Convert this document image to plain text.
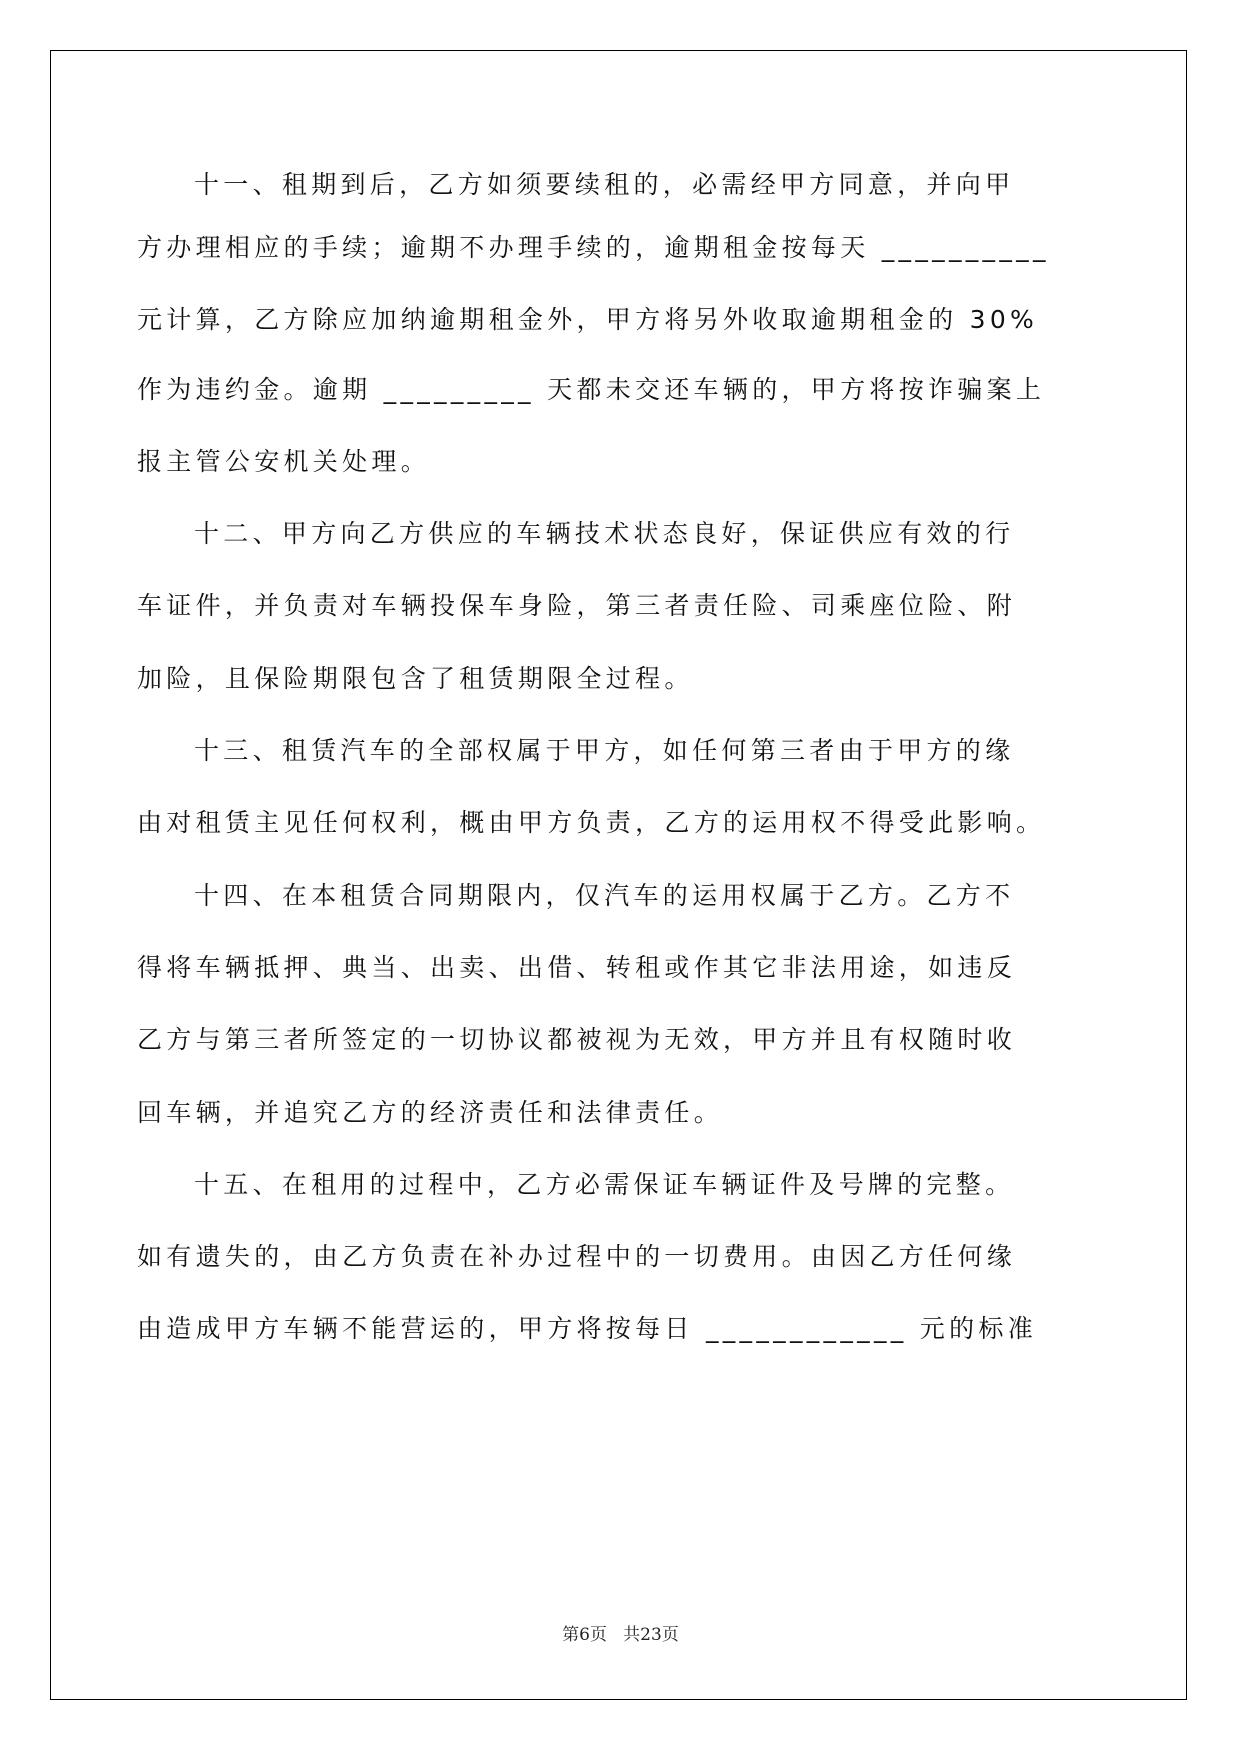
十一、租期到后，乙方如须要续租的，必需经甲方同意，并向甲
方办理相应的手续；逾期不办理手续的，逾期租金按每天 __________
元计算，乙方除应加纳逾期租金外，甲方将另外收取逾期租金的 30%
作为违约金。逾期 _________ 天都未交还车辆的，甲方将按诈骗案上
报主管公安机关处理。
十二、甲方向乙方供应的车辆技术状态良好，保证供应有效的行
车证件，并负责对车辆投保车身险，第三者责任险、司乘座位险、附
加险，且保险期限包含了租赁期限全过程。
十三、租赁汽车的全部权属于甲方，如任何第三者由于甲方的缘
由对租赁主见任何权利，概由甲方负责，乙方的运用权不得受此影响。
十四、在本租赁合同期限内，仅汽车的运用权属于乙方。乙方不
得将车辆抵押、典当、出卖、出借、转租或作其它非法用途，如违反
乙方与第三者所签定的一切协议都被视为无效，甲方并且有权随时收
回车辆，并追究乙方的经济责任和法律责任。
十五、在租用的过程中，乙方必需保证车辆证件及号牌的完整。
如有遗失的，由乙方负责在补办过程中的一切费用。由因乙方任何缘
由造成甲方车辆不能营运的，甲方将按每日 ____________ 元的标准
第6页   共23页
